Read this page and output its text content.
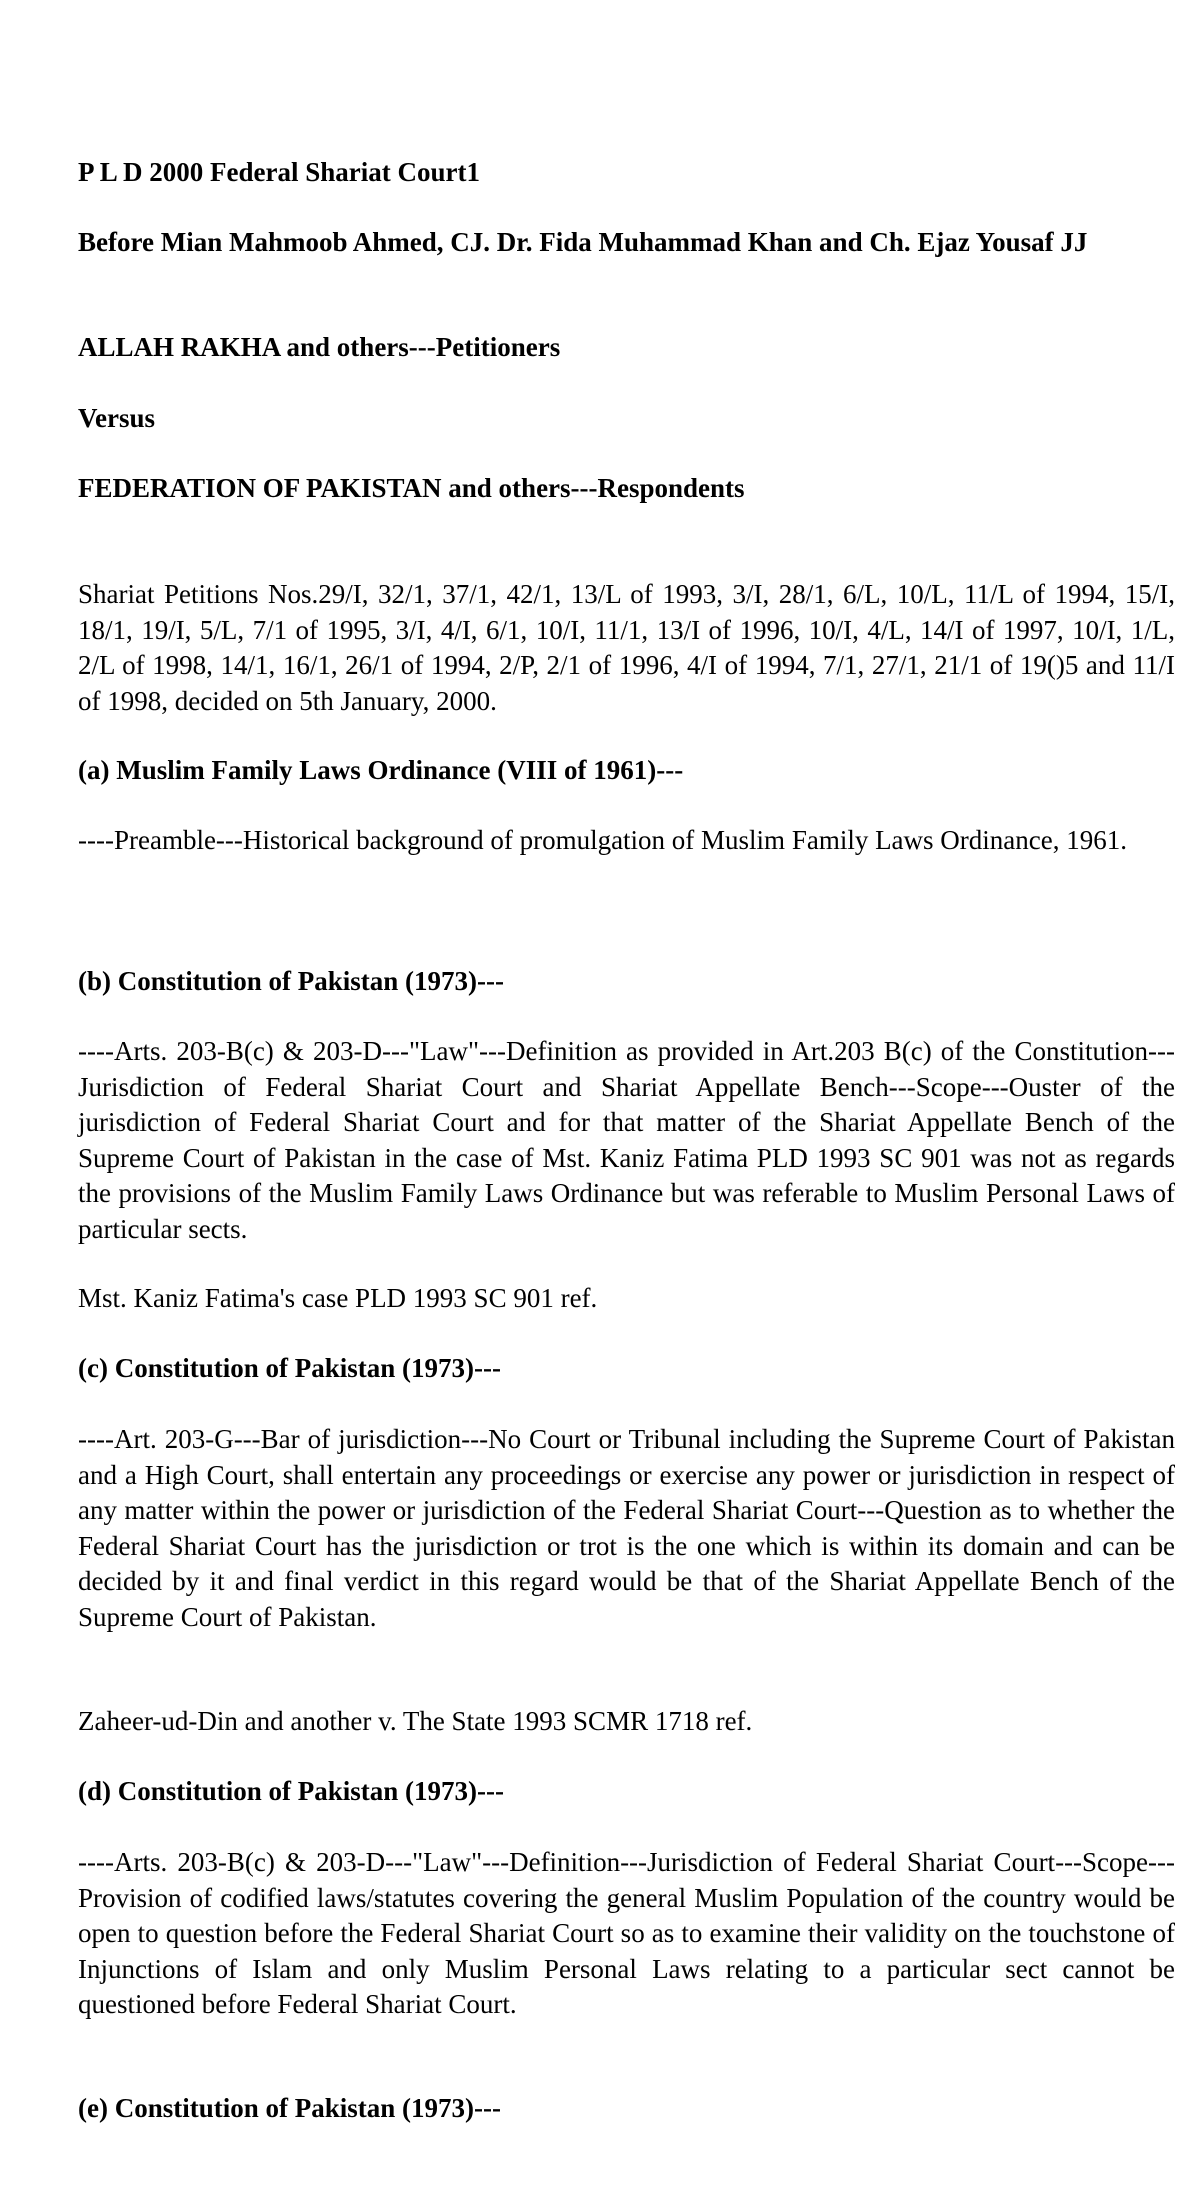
P L D 2000 Federal Shariat Court1

Before Mian Mahmoob Ahmed, CJ. Dr. Fida Muhammad Khan and Ch. Ejaz Yousaf JJ

ALLAH RAKHA and others---Petitioners

Versus

FEDERATION OF PAKISTAN and others---Respondents

Shariat Petitions Nos.29/I, 32/1, 37/1, 42/1, 13/L of 1993, 3/I, 28/1, 6/L, 10/L, 11/L of 1994, 15/I, 18/1, 19/I, 5/L, 7/1 of 1995, 3/I, 4/I, 6/1, 10/I, 11/1, 13/I of 1996, 10/I, 4/L, 14/I of 1997, 10/I, 1/L, 2/L of 1998, 14/1, 16/1, 26/1 of 1994, 2/P, 2/1 of 1996, 4/I of 1994, 7/1, 27/1, 21/1 of 19()5 and 11/I of 1998, decided on 5th January, 2000.

(a) Muslim Family Laws Ordinance (VIII of 1961)---

----Preamble---Historical background of promulgation of Muslim Family Laws Ordinance, 1961.

(b) Constitution of Pakistan (1973)---

----Arts. 203-B(c) & 203-D---"Law"---Definition as provided in Art.203 B(c) of the Constitution---Jurisdiction of Federal Shariat Court and Shariat Appellate Bench---Scope---Ouster of the jurisdiction of Federal Shariat Court and for that matter of the Shariat Appellate Bench of the Supreme Court of Pakistan in the case of Mst. Kaniz Fatima PLD 1993 SC 901 was not as regards the provisions of the Muslim Family Laws Ordinance but was referable to Muslim Personal Laws of particular sects.

Mst. Kaniz Fatima's case PLD 1993 SC 901 ref.

(c) Constitution of Pakistan (1973)---

----Art. 203-G---Bar of jurisdiction---No Court or Tribunal including the Supreme Court of Pakistan and a High Court, shall entertain any proceedings or exercise any power or jurisdiction in respect of any matter within the power or jurisdiction of the Federal Shariat Court---Question as to whether the Federal Shariat Court has the jurisdiction or trot is the one which is within its domain and can be decided by it and final verdict in this regard would be that of the Shariat Appellate Bench of the Supreme Court of Pakistan.

Zaheer-ud-Din and another v. The State 1993 SCMR 1718 ref.

(d) Constitution of Pakistan (1973)---

----Arts. 203-B(c) & 203-D---"Law"---Definition---Jurisdiction of Federal Shariat Court---Scope---Provision of codified laws/statutes covering the general Muslim Population of the country would be open to question before the Federal Shariat Court so as to examine their validity on the touchstone of Injunctions of Islam and only Muslim Personal Laws relating to a particular sect cannot be questioned before Federal Shariat Court.

(e) Constitution of Pakistan (1973)---
